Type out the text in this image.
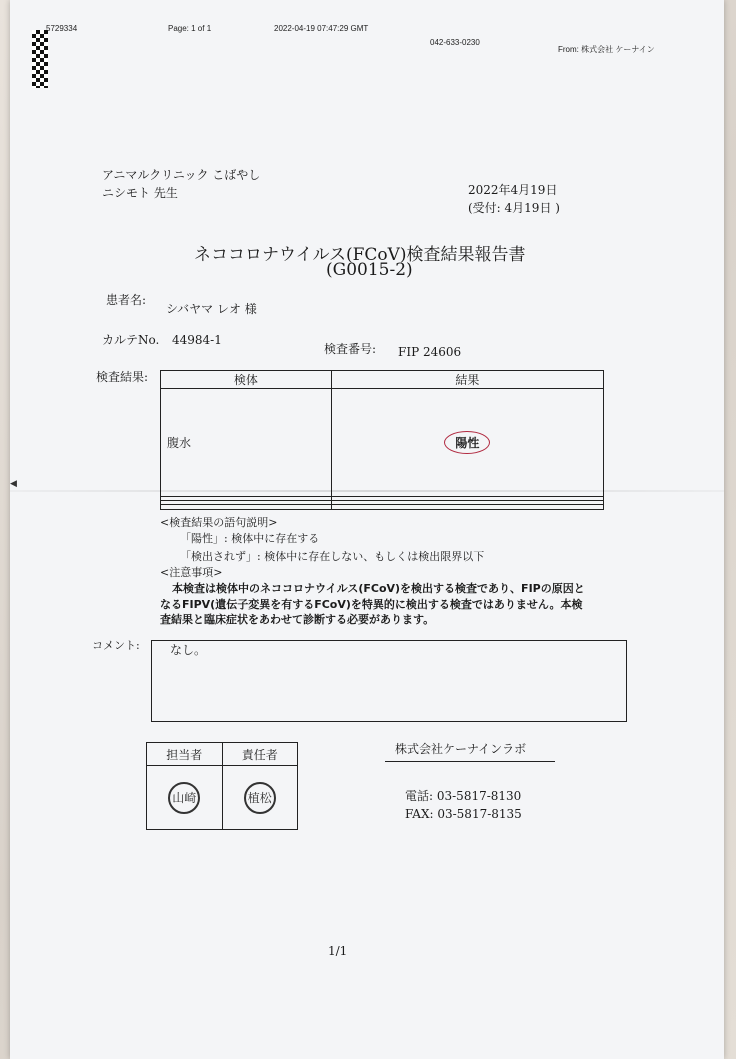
5729334	Page: 1 of 1	2022-04-19 07:47:29 GMT
042-633-0230
From: 株式会社 ケーナイン
アニマルクリニック こばやし
ニシモト 先生	2022年4月19日
(受付: 4月19日 )
ネココロナウイルス(FCoV)検査結果報告書
(G0015-2)
患者名:
シバヤマ レオ 様
カルテNo. 44984-1
検査番号: FIP 24606
検査結果:	検体	結果
腹水	陽性

◀
<検査結果の語句説明>
「陽性」: 検体中に存在する
「検出されず」: 検体中に存在しない、もしくは検出限界以下
<注意事項>
本検査は検体中のネココロナウイルス(FCoV)を検出する検査であり、FIPの原因と
なるFIPV(遺伝子変異を有するFCoV)を特異的に検出する検査ではありません。本検
査結果と臨床症状をあわせて診断する必要があります。
コメント:	なし。
担当者	責任者
山崎	植松
株式会社ケーナインラボ
電話: 03-5817-8130
FAX: 03-5817-8135
1/1
